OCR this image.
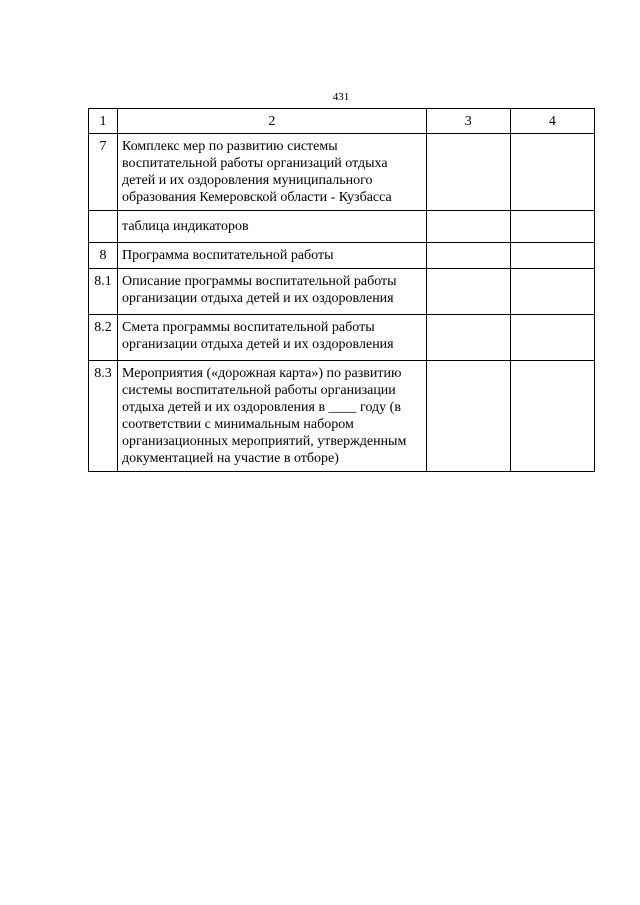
431
1	2	3	4
7	Комплекс мер по развитию системы воспитательной работы организаций отдыха детей и их оздоровления муниципального образования Кемеровской области - Кузбасса		
	таблица индикаторов		
8	Программа воспитательной работы		
8.1	Описание программы воспитательной работы организации отдыха детей и их оздоровления		
8.2	Смета программы воспитательной работы организации отдыха детей и их оздоровления		
8.3	Мероприятия («дорожная карта») по развитию системы воспитательной работы организации отдыха детей и их оздоровления в ____ году (в соответствии с минимальным набором организационных мероприятий, утвержденным документацией на участие в отборе)		
